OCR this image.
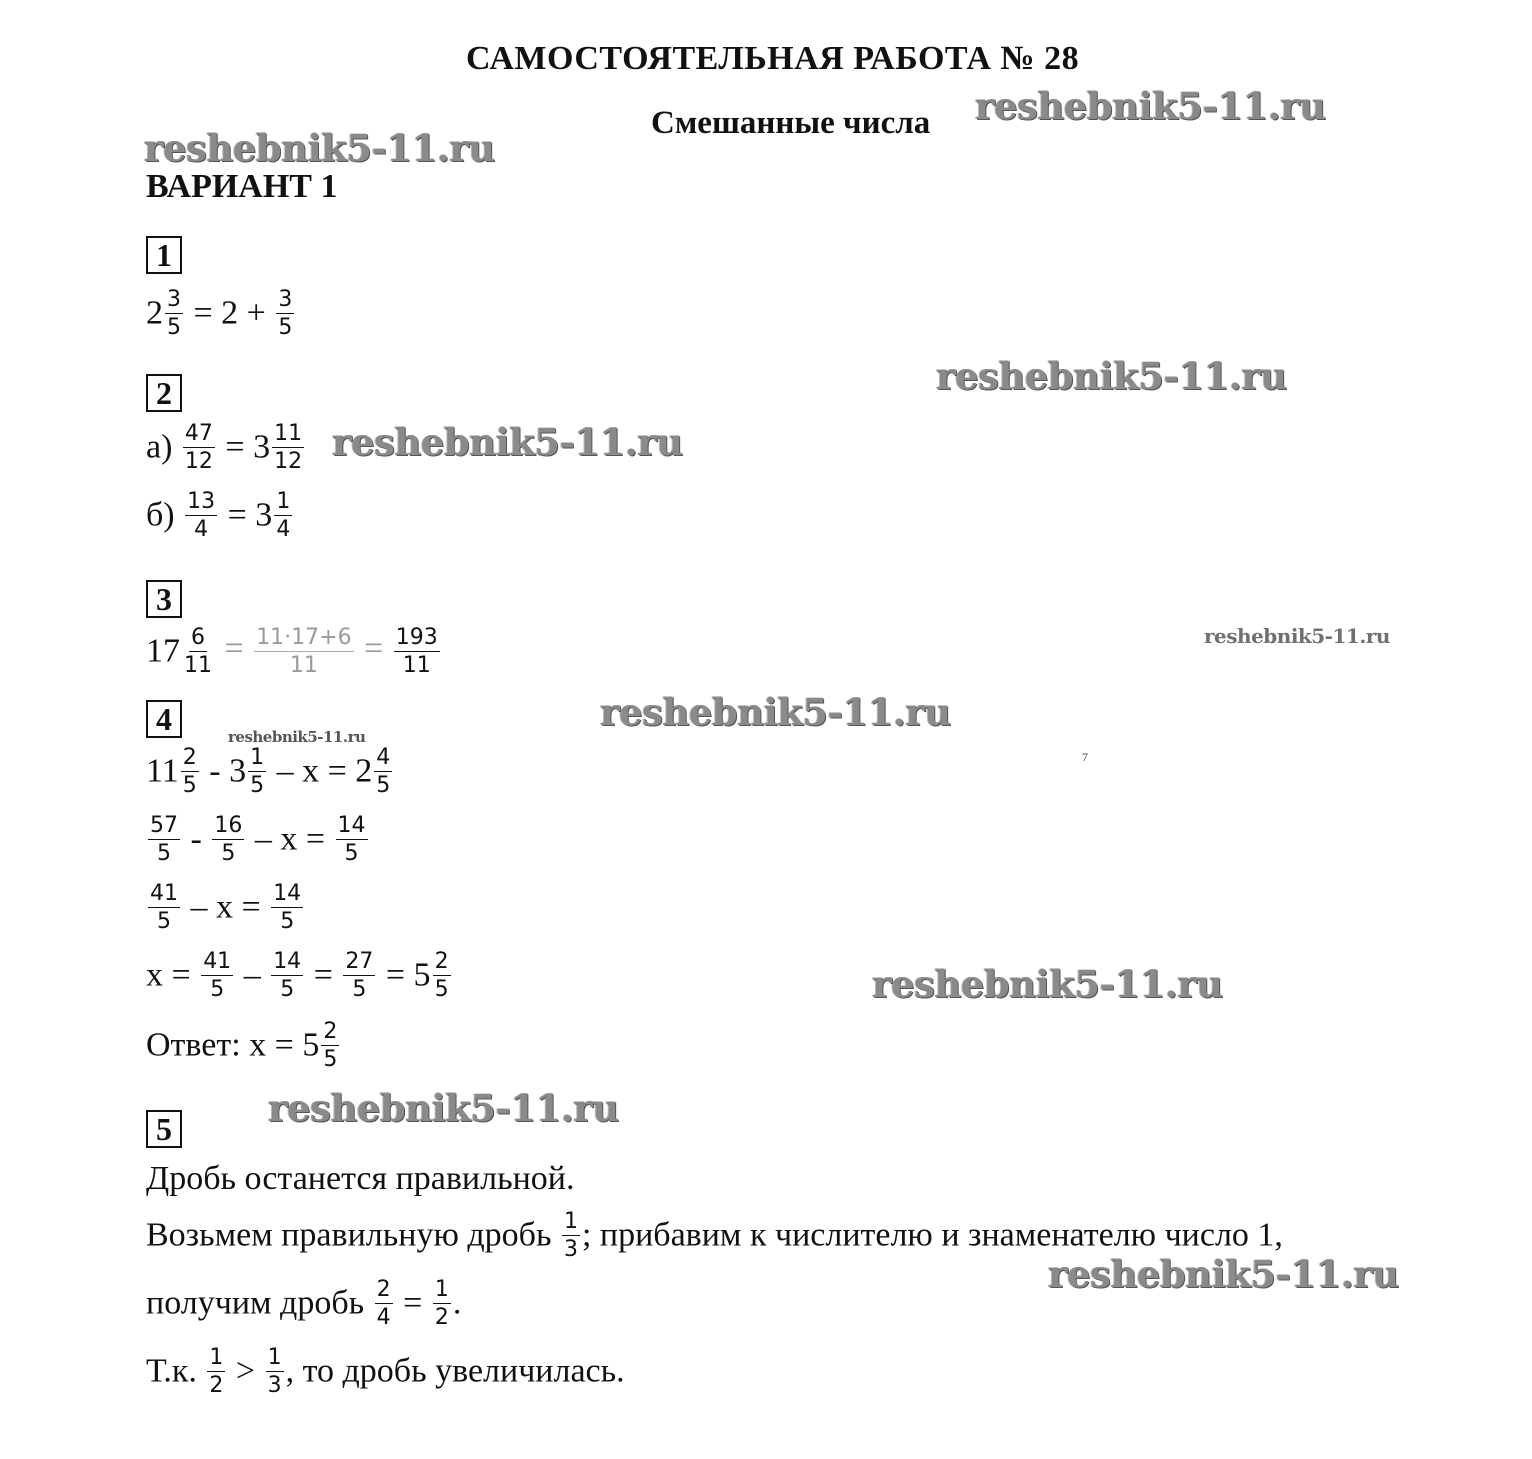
САМОСТОЯТЕЛЬНАЯ РАБОТА № 28
Смешанные числа
ВАРИАНТ 1
reshebnik5-11.ru
reshebnik5-11.ru
reshebnik5-11.ru
reshebnik5-11.ru
reshebnik5-11.ru
reshebnik5-11.ru
reshebnik5-11.ru
reshebnik5-11.ru
reshebnik5-11.ru
reshebnik5-11.ru
1
$2 \frac{3}{5} = 2 + \frac{3}{5}$
2
$а) \frac{47}{12} = 3 \frac{11}{12}$
$б) \frac{13}{4} = 3 \frac{1}{4}$
3
$17 \frac{6}{11} = \frac{11\cdot 17+6}{11} = \frac{193}{11}$
4
7
$11 \frac{2}{5} - 3 \frac{1}{5} - x = 2 \frac{4}{5}$
$\frac{57}{5} - \frac{16}{5} - x = \frac{14}{5}$
$\frac{41}{5} - x = \frac{14}{5}$
$x = \frac{41}{5} - \frac{14}{5} = \frac{27}{5} = 5 \frac{2}{5}$
Ответ: $x = 5 \frac{2}{5}$
5
Дробь останется правильной.
Возьмем правильную дробь $\frac{1}{3}$ ; прибавим к числителю и знаменателю число 1,
получим дробь $\frac{2}{4} = \frac{1}{2}$ .
Т.к. $\frac{1}{2} > \frac{1}{3}$ , то дробь увеличилась.
